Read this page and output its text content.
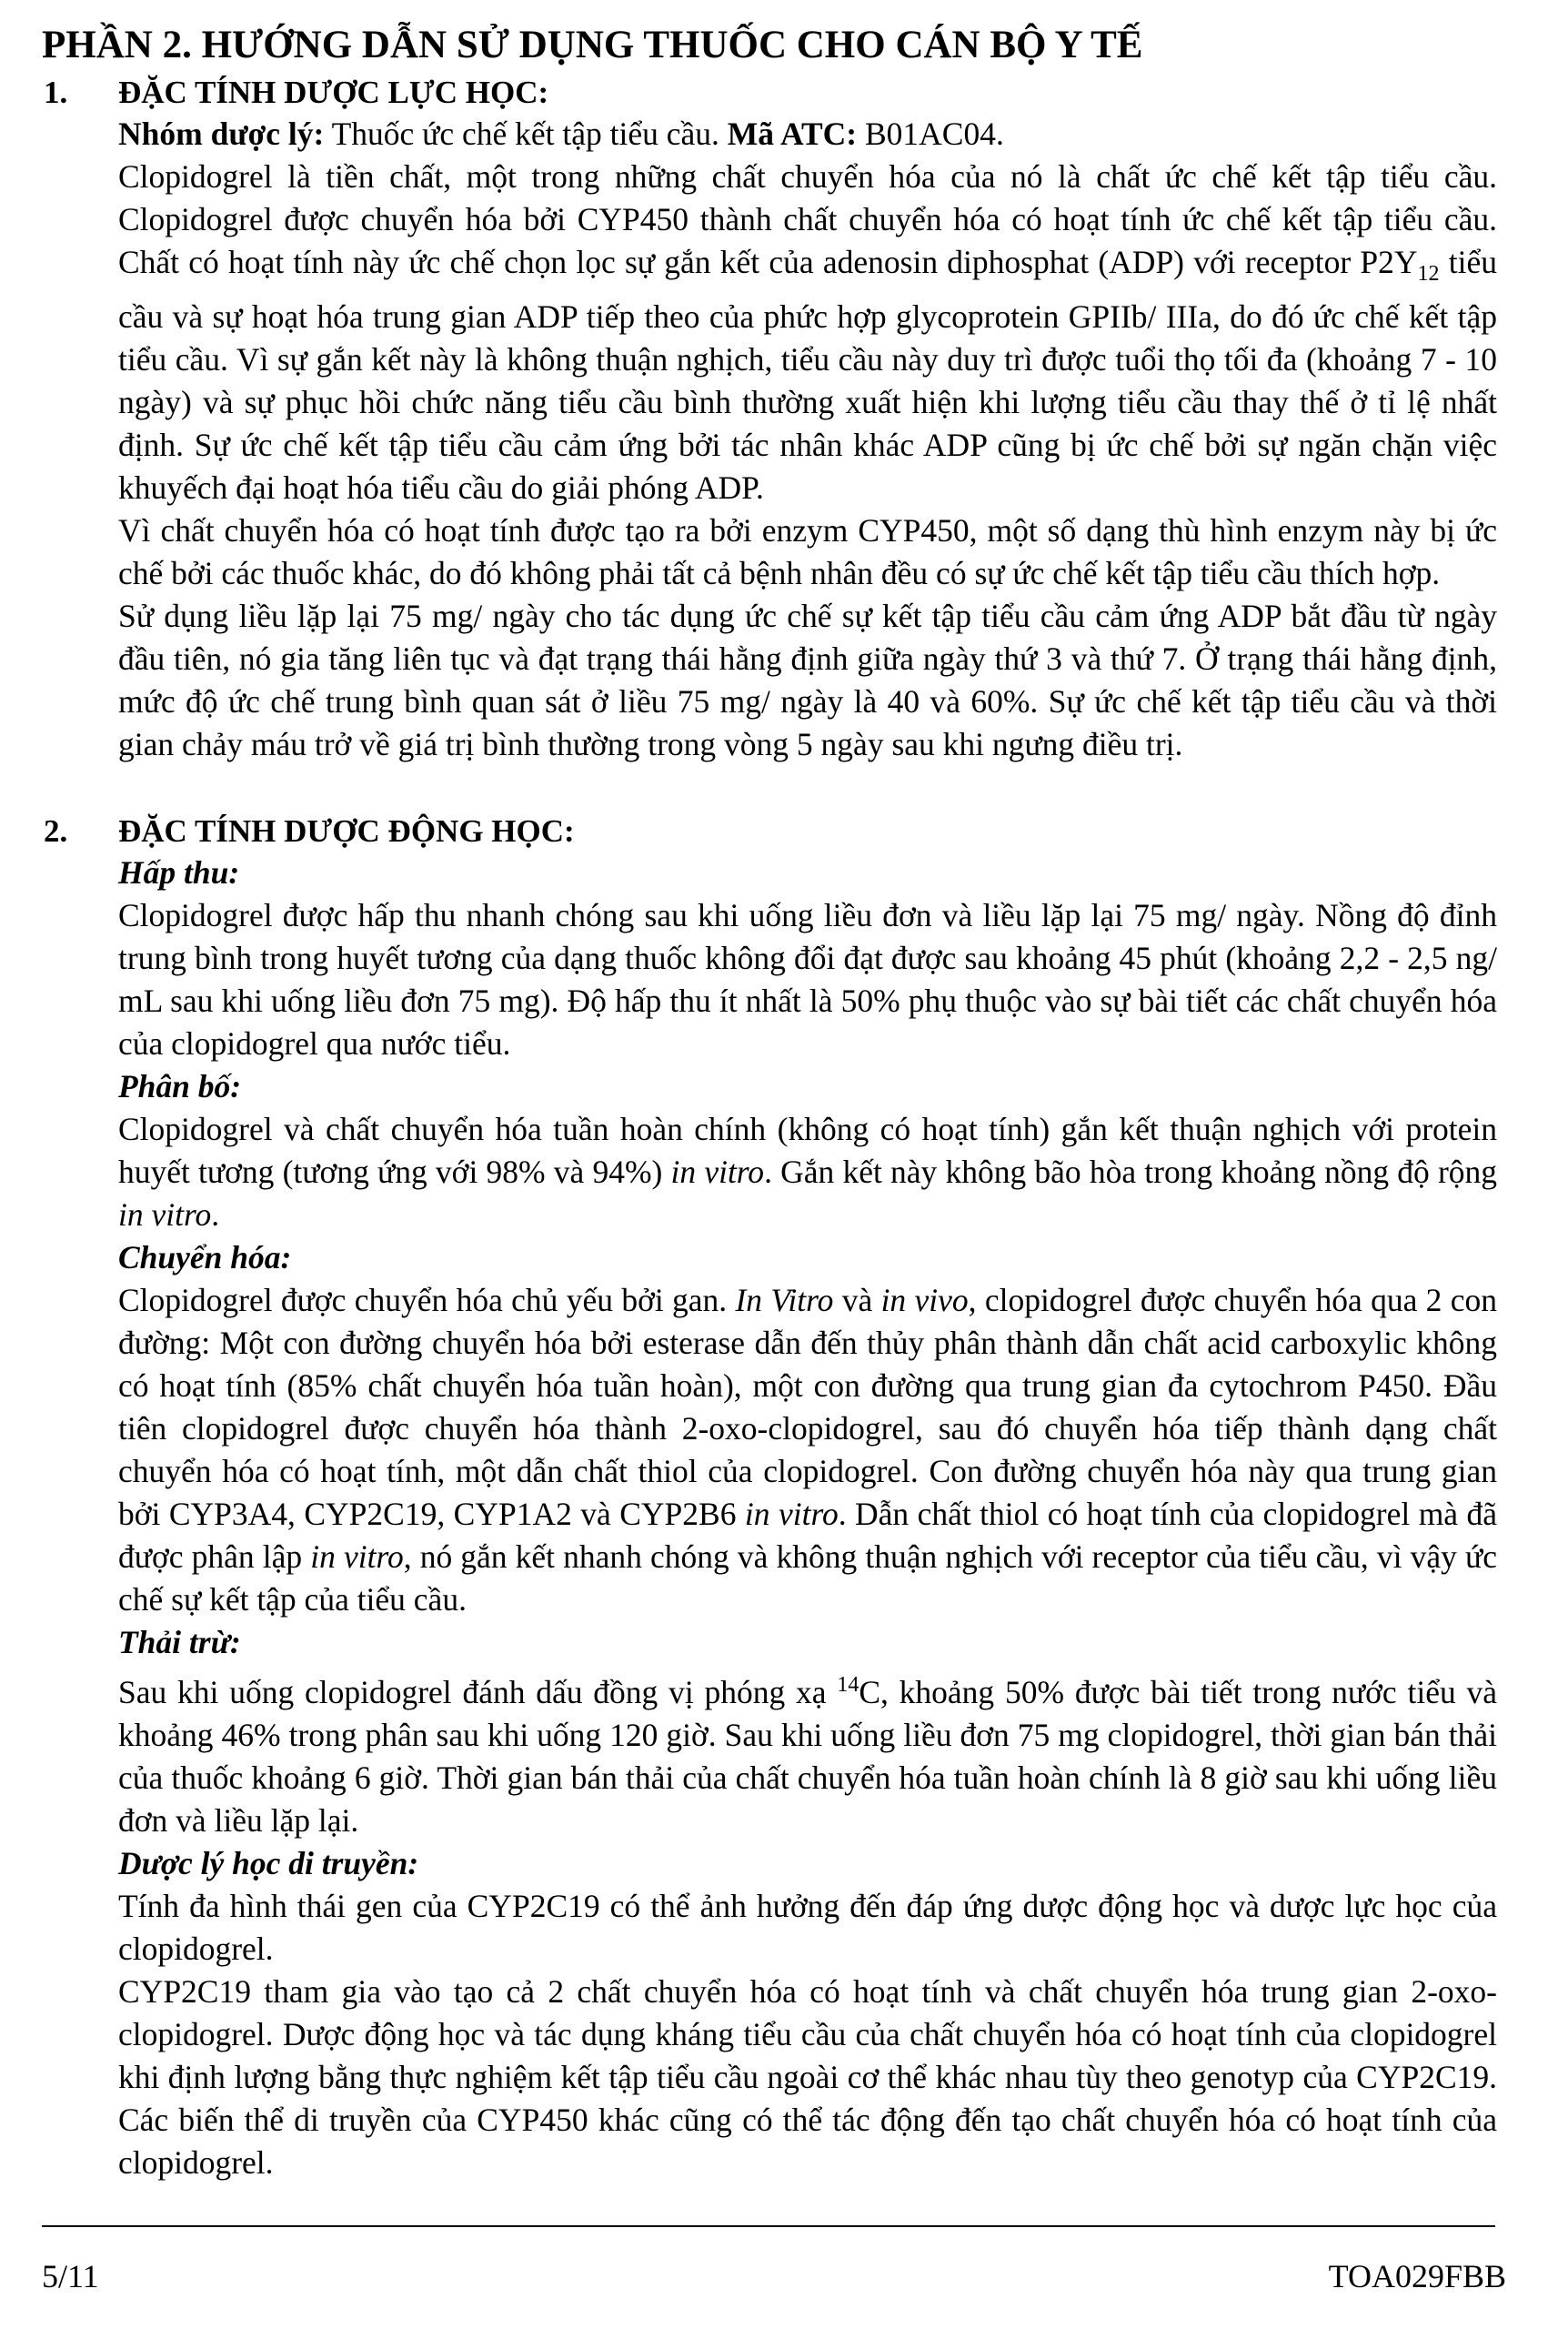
PHẦN 2. HƯỚNG DẪN SỬ DỤNG THUỐC CHO CÁN BỘ Y TẾ
1. ĐẶC TÍNH DƯỢC LỰC HỌC:

Nhóm dược lý: Thuốc ức chế kết tập tiểu cầu. Mã ATC: B01AC04.

Clopidogrel là tiền chất, một trong những chất chuyển hóa của nó là chất ức chế kết tập tiểu cầu. Clopidogrel được chuyển hóa bởi CYP450 thành chất chuyển hóa có hoạt tính ức chế kết tập tiểu cầu. Chất có hoạt tính này ức chế chọn lọc sự gắn kết của adenosin diphosphat (ADP) với receptor $P2Y_{12}$ tiểu cầu và sự hoạt hóa trung gian ADP tiếp theo của phức hợp glycoprotein GPIIb/ IIIa, do đó ức chế kết tập tiểu cầu. Vì sự gắn kết này là không thuận nghịch, tiểu cầu này duy trì được tuổi thọ tối đa (khoảng 7 - 10 ngày) và sự phục hồi chức năng tiểu cầu bình thường xuất hiện khi lượng tiểu cầu thay thế ở tỉ lệ nhất định. Sự ức chế kết tập tiểu cầu cảm ứng bởi tác nhân khác ADP cũng bị ức chế bởi sự ngăn chặn việc khuyếch đại hoạt hóa tiểu cầu do giải phóng ADP.

Vì chất chuyển hóa có hoạt tính được tạo ra bởi enzym CYP450, một số dạng thù hình enzym này bị ức chế bởi các thuốc khác, do đó không phải tất cả bệnh nhân đều có sự ức chế kết tập tiểu cầu thích hợp.

Sử dụng liều lặp lại 75 mg/ ngày cho tác dụng ức chế sự kết tập tiểu cầu cảm ứng ADP bắt đầu từ ngày đầu tiên, nó gia tăng liên tục và đạt trạng thái hằng định giữa ngày thứ 3 và thứ 7. Ở trạng thái hằng định, mức độ ức chế trung bình quan sát ở liều 75 mg/ ngày là 40 và 60%. Sự ức chế kết tập tiểu cầu và thời gian chảy máu trở về giá trị bình thường trong vòng 5 ngày sau khi ngưng điều trị.

2. ĐẶC TÍNH DƯỢC ĐỘNG HỌC:

Hấp thu:

Clopidogrel được hấp thu nhanh chóng sau khi uống liều đơn và liều lặp lại 75 mg/ ngày. Nồng độ đỉnh trung bình trong huyết tương của dạng thuốc không đổi đạt được sau khoảng 45 phút (khoảng 2,2 - 2,5 ng/ mL sau khi uống liều đơn 75 mg). Độ hấp thu ít nhất là 50% phụ thuộc vào sự bài tiết các chất chuyển hóa của clopidogrel qua nước tiểu.

Phân bố:

Clopidogrel và chất chuyển hóa tuần hoàn chính (không có hoạt tính) gắn kết thuận nghịch với protein huyết tương (tương ứng với 98% và 94%) in vitro. Gắn kết này không bão hòa trong khoảng nồng độ rộng in vitro.

Chuyển hóa:

Clopidogrel được chuyển hóa chủ yếu bởi gan. In Vitro và in vivo, clopidogrel được chuyển hóa qua 2 con đường: Một con đường chuyển hóa bởi esterase dẫn đến thủy phân thành dẫn chất acid carboxylic không có hoạt tính (85% chất chuyển hóa tuần hoàn), một con đường qua trung gian đa cytochrom P450. Đầu tiên clopidogrel được chuyển hóa thành 2-oxo-clopidogrel, sau đó chuyển hóa tiếp thành dạng chất chuyển hóa có hoạt tính, một dẫn chất thiol của clopidogrel. Con đường chuyển hóa này qua trung gian bởi CYP3A4, CYP2C19, CYP1A2 và CYP2B6 in vitro. Dẫn chất thiol có hoạt tính của clopidogrel mà đã được phân lập in vitro, nó gắn kết nhanh chóng và không thuận nghịch với receptor của tiểu cầu, vì vậy ức chế sự kết tập của tiểu cầu.

Thải trừ:

Sau khi uống clopidogrel đánh dấu đồng vị phóng xạ $^{14}$C, khoảng 50% được bài tiết trong nước tiểu và khoảng 46% trong phân sau khi uống 120 giờ. Sau khi uống liều đơn 75 mg clopidogrel, thời gian bán thải của thuốc khoảng 6 giờ. Thời gian bán thải của chất chuyển hóa tuần hoàn chính là 8 giờ sau khi uống liều đơn và liều lặp lại.

Dược lý học di truyền:

Tính đa hình thái gen của CYP2C19 có thể ảnh hưởng đến đáp ứng dược động học và dược lực học của clopidogrel.

CYP2C19 tham gia vào tạo cả 2 chất chuyển hóa có hoạt tính và chất chuyển hóa trung gian 2-oxo-clopidogrel. Dược động học và tác dụng kháng tiểu cầu của chất chuyển hóa có hoạt tính của clopidogrel khi định lượng bằng thực nghiệm kết tập tiểu cầu ngoài cơ thể khác nhau tùy theo genotyp của CYP2C19. Các biến thể di truyền của CYP450 khác cũng có thể tác động đến tạo chất chuyển hóa có hoạt tính của clopidogrel.

5/11	TOA029FBB
